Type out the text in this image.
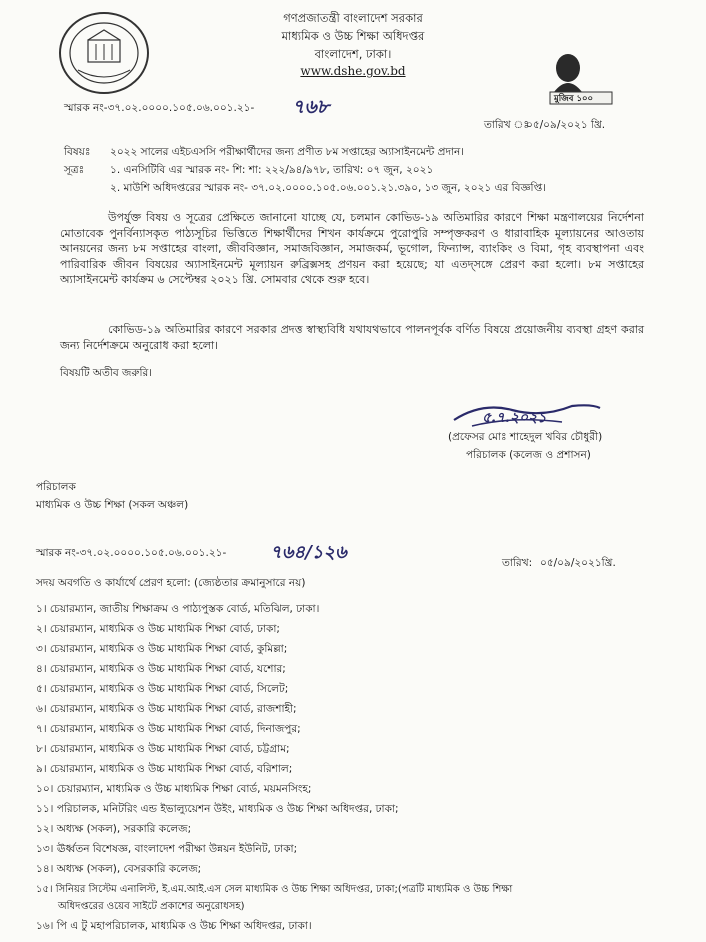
মুজিব ১০০
গণপ্রজাতন্ত্রী বাংলাদেশ সরকার
মাধ্যমিক ও উচ্চ শিক্ষা অধিদপ্তর
বাংলাদেশ, ঢাকা।
www.dshe.gov.bd
স্মারক নং-৩৭.০২.০০০০.১০৫.০৬.০০১.২১- ৭৬৮
তারিখ ঃ
০৫/০৯/২০২১ খ্রি.
বিষয়ঃ ২০২২ সালের এইচএসসি পরীক্ষার্থীদের জন্য প্রণীত ৮ম সপ্তাহের অ্যাসাইনমেন্ট প্রদান।
সূত্রঃ ১. এনসিটিবি এর স্মারক নং- শি: শা: ২২২/৯৪/৯৭৮, তারিখ: ০৭ জুন, ২০২১
২. মাউশি অধিদপ্তরের স্মারক নং- ৩৭.০২.০০০০.১০৫.০৬.০০১.২১.৩৯০, ১৩ জুন, ২০২১ এর বিজ্ঞপ্তি।
উপর্যুক্ত বিষয় ও সূত্রের প্রেক্ষিতে জানানো যাচ্ছে যে, চলমান কোভিড-১৯ অতিমারির কারণে শিক্ষা মন্ত্রণালয়ের নির্দেশনা মোতাবেক পুনর্বিন্যাসকৃত পাঠ্যসূচির ভিত্তিতে শিক্ষার্থীদের শিখন কার্যক্রমে পুরোপুরি সম্পৃক্তকরণ ও ধারাবাহিক মূল্যায়নের আওতায় আনয়নের জন্য ৮ম সপ্তাহের বাংলা, জীববিজ্ঞান, সমাজবিজ্ঞান, সমাজকর্ম, ভূগোল, ফিন্যান্স, ব্যাংকিং ও বিমা, গৃহ ব্যবস্থাপনা এবং পারিবারিক জীবন বিষয়ের অ্যাসাইনমেন্ট মূল্যায়ন রুব্রিক্সসহ প্রণয়ন করা হয়েছে; যা এতদ্‌সঙ্গে প্রেরণ করা হলো। ৮ম সপ্তাহের অ্যাসাইনমেন্ট কার্যক্রম ৬ সেপ্টেম্বর ২০২১ খ্রি. সোমবার থেকে শুরু হবে।
কোভিড-১৯ অতিমারির কারণে সরকার প্রদত্ত স্বাস্থ্যবিধি যথাযথভাবে পালনপূর্বক বর্ণিত বিষয়ে প্রয়োজনীয় ব্যবস্থা গ্রহণ করার জন্য নির্দেশক্রমে অনুরোধ করা হলো।
বিষয়টি অতীব জরুরি।
৫.৭.২০২১
(প্রফেসর মোঃ শাহেদুল খবির চৌধুরী)
পরিচালক (কলেজ ও প্রশাসন)
পরিচালক
মাধ্যমিক ও উচ্চ শিক্ষা (সকল অঞ্চল)
স্মারক নং-৩৭.০২.০০০০.১০৫.০৬.০০১.২১- ৭৬৪/১২৬	তারিখ: ০৫/০৯/২০২১খ্রি.
সদয় অবগতি ও কার্যার্থে প্রেরণ হলো: (জ্যেষ্ঠতার ক্রমানুসারে নয়)
১। চেয়ারম্যান, জাতীয় শিক্ষাক্রম ও পাঠ্যপুস্তক বোর্ড, মতিঝিল, ঢাকা।
২। চেয়ারম্যান, মাধ্যমিক ও উচ্চ মাধ্যমিক শিক্ষা বোর্ড, ঢাকা;
৩। চেয়ারম্যান, মাধ্যমিক ও উচ্চ মাধ্যমিক শিক্ষা বোর্ড, কুমিল্লা;
৪। চেয়ারম্যান, মাধ্যমিক ও উচ্চ মাধ্যমিক শিক্ষা বোর্ড, যশোর;
৫। চেয়ারম্যান, মাধ্যমিক ও উচ্চ মাধ্যমিক শিক্ষা বোর্ড, সিলেট;
৬। চেয়ারম্যান, মাধ্যমিক ও উচ্চ মাধ্যমিক শিক্ষা বোর্ড, রাজশাহী;
৭। চেয়ারম্যান, মাধ্যমিক ও উচ্চ মাধ্যমিক শিক্ষা বোর্ড, দিনাজপুর;
৮। চেয়ারম্যান, মাধ্যমিক ও উচ্চ মাধ্যমিক শিক্ষা বোর্ড, চট্টগ্রাম;
৯। চেয়ারম্যান, মাধ্যমিক ও উচ্চ মাধ্যমিক শিক্ষা বোর্ড, বরিশাল;
১০। চেয়ারম্যান, মাধ্যমিক ও উচ্চ মাধ্যমিক শিক্ষা বোর্ড, ময়মনসিংহ;
১১। পরিচালক, মনিটরিং এন্ড ইভাল্যুয়েশন উইং, মাধ্যমিক ও উচ্চ শিক্ষা অধিদপ্তর, ঢাকা;
১২। অধ্যক্ষ (সকল), সরকারি কলেজ;
১৩। ঊর্ধ্বতন বিশেষজ্ঞ, বাংলাদেশ পরীক্ষা উন্নয়ন ইউনিট, ঢাকা;
১৪। অধ্যক্ষ (সকল), বেসরকারি কলেজ;
১৫। সিনিয়র সিস্টেম এনালিস্ট, ই.এম.আই.এস সেল মাধ্যমিক ও উচ্চ শিক্ষা অধিদপ্তর, ঢাকা;(পত্রটি মাধ্যমিক ও উচ্চ শিক্ষা
অধিদপ্তরের ওয়েব সাইটে প্রকাশের অনুরোধসহ)
১৬। পি এ টু মহাপরিচালক, মাধ্যমিক ও উচ্চ শিক্ষা অধিদপ্তর, ঢাকা।
